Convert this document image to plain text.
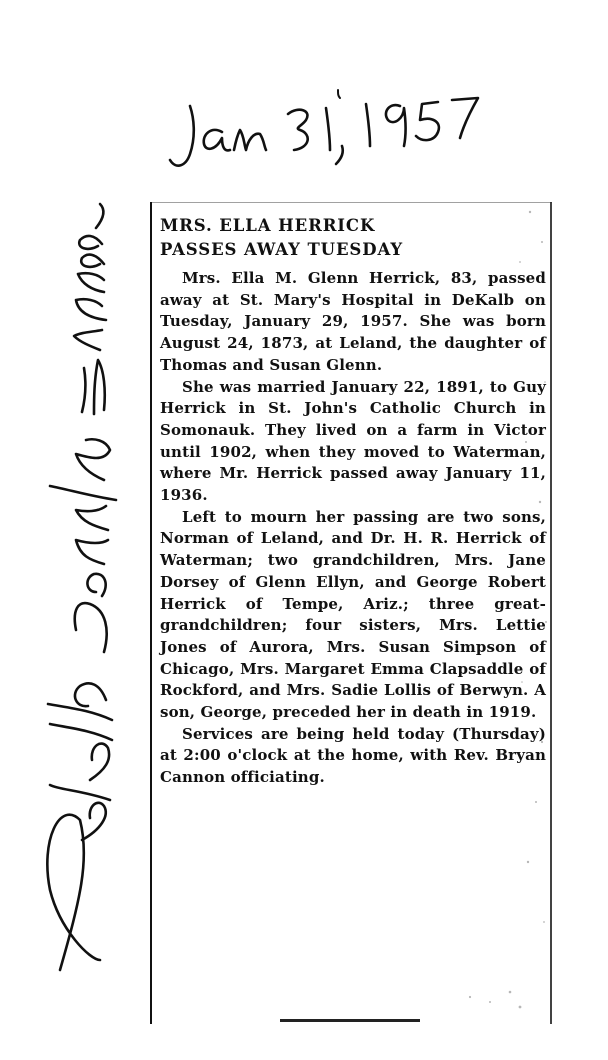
MRS. ELLA HERRICK
PASSES AWAY TUESDAY

Mrs. Ella M. Glenn Herrick, 83, passed away at St. Mary's Hospital in DeKalb on Tuesday, January 29, 1957. She was born August 24, 1873, at Leland, the daughter of Thomas and Susan Glenn.

She was married January 22, 1891, to Guy Herrick in St. John's Catholic Church in Somonauk. They lived on a farm in Victor until 1902, when they moved to Waterman, where Mr. Herrick passed away January 11, 1936.

Left to mourn her passing are two sons, Norman of Leland, and Dr. H. R. Herrick of Waterman; two grandchildren, Mrs. Jane Dorsey of Glenn Ellyn, and George Robert Herrick of Tempe, Ariz.; three great-grandchildren; four sisters, Mrs. Lettie Jones of Aurora, Mrs. Susan Simpson of Chicago, Mrs. Margaret Emma Clapsaddle of Rockford, and Mrs. Sadie Lollis of Berwyn. A son, George, preceded her in death in 1919.

Services are being held today (Thursday) at 2:00 o'clock at the home, with Rev. Bryan Cannon officiating.
